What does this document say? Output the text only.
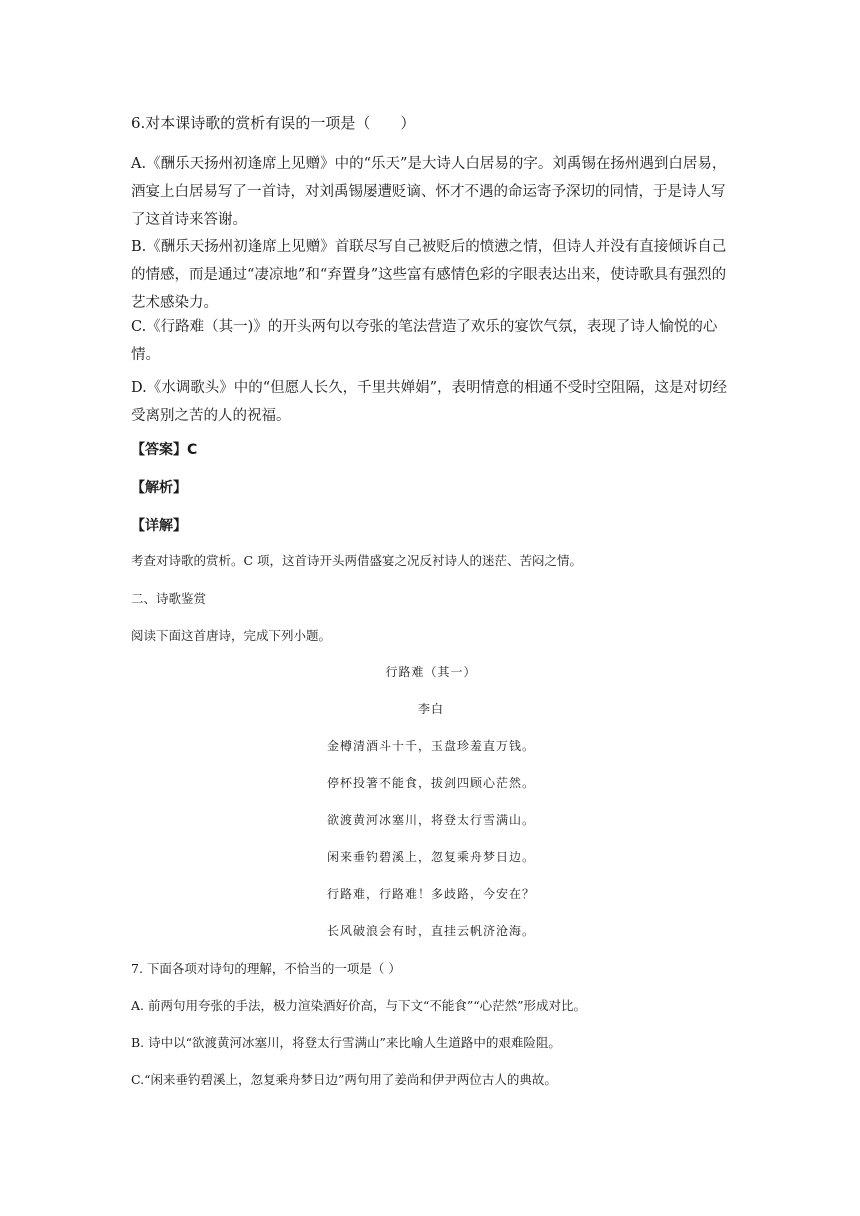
6.对本课诗歌的赏析有误的一项是（　　）

A.《酬乐天扬州初逢席上见赠》中的“乐天”是大诗人白居易的字。刘禹锡在扬州遇到白居易，酒宴上白居易写了一首诗，对刘禹锡屡遭贬谪、怀才不遇的命运寄予深切的同情，于是诗人写了这首诗来答谢。

B.《酬乐天扬州初逢席上见赠》首联尽写自己被贬后的愤懑之情，但诗人并没有直接倾诉自己的情感，而是通过“凄凉地”和“弃置身”这些富有感情色彩的字眼表达出来，使诗歌具有强烈的艺术感染力。

C.《行路难（其一)》的开头两句以夸张的笔法营造了欢乐的宴饮气氛，表现了诗人愉悦的心情。

D.《水调歌头》中的“但愿人长久，千里共婵娟”，表明情意的相通不受时空阻隔，这是对切经受离别之苦的人的祝福。

【答案】C

【解析】

【详解】

考查对诗歌的赏析。C 项，这首诗开头两借盛宴之况反衬诗人的迷茫、苦闷之情。

二、诗歌鉴赏

阅读下面这首唐诗，完成下列小题。

行路难（其一）

李白

金樽清酒斗十千，玉盘珍羞直万钱。

停杯投箸不能食，拔剑四顾心茫然。

欲渡黄河冰塞川，将登太行雪满山。

闲来垂钓碧溪上，忽复乘舟梦日边。

行路难，行路难！多歧路，今安在？

长风破浪会有时，直挂云帆济沧海。

7. 下面各项对诗句的理解，不恰当的一项是（ ）

A. 前两句用夸张的手法，极力渲染酒好价高，与下文“不能食”“心茫然”形成对比。

B. 诗中以“欲渡黄河冰塞川，将登太行雪满山”来比喻人生道路中的艰难险阻。

C.“闲来垂钓碧溪上，忽复乘舟梦日边”两句用了姜尚和伊尹两位古人的典故。
